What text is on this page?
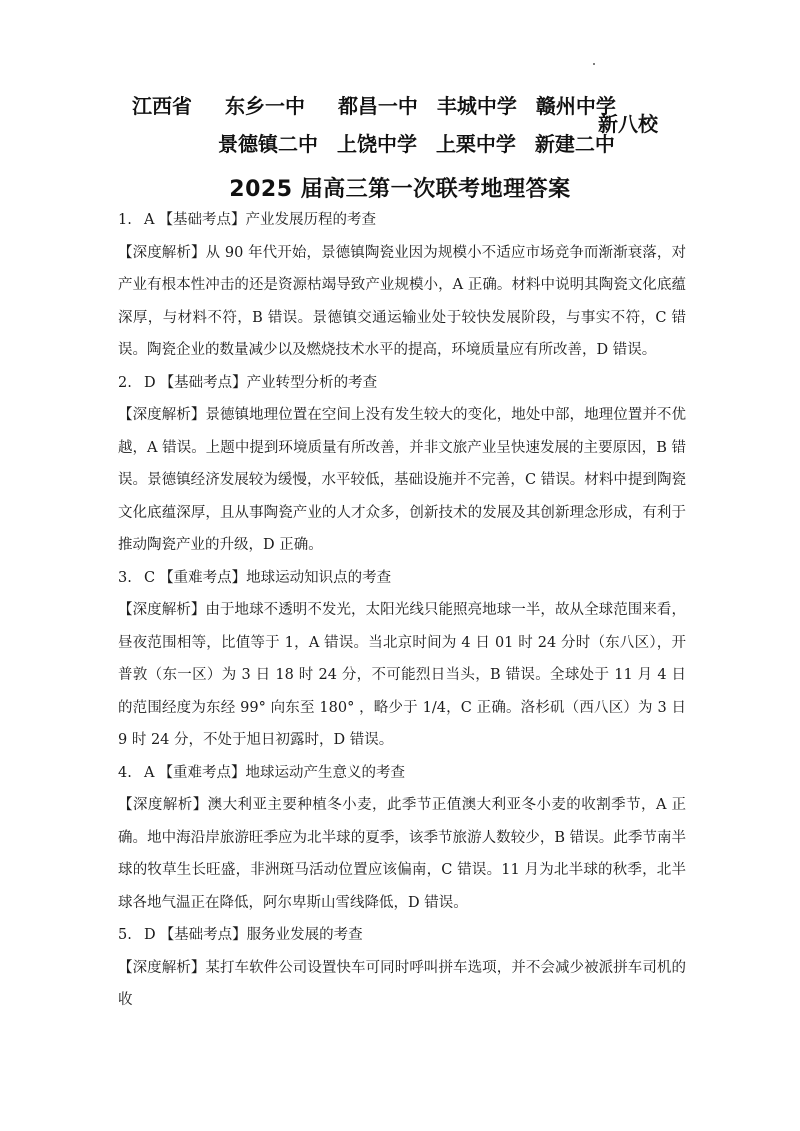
江西省 东乡一中 都昌一中 丰城中学 赣州中学
景德镇二中 上饶中学 上栗中学 新建二中
新八校
2025 届高三第一次联考地理答案

1. A 【基础考点】产业发展历程的考查

【深度解析】从 90 年代开始，景德镇陶瓷业因为规模小不适应市场竞争而渐渐衰落，对产业有根本性冲击的还是资源枯竭导致产业规模小，A 正确。材料中说明其陶瓷文化底蕴深厚，与材料不符，B 错误。景德镇交通运输业处于较快发展阶段，与事实不符，C 错误。陶瓷企业的数量减少以及燃烧技术水平的提高，环境质量应有所改善，D 错误。

2. D 【基础考点】产业转型分析的考查

【深度解析】景德镇地理位置在空间上没有发生较大的变化，地处中部，地理位置并不优越，A 错误。上题中提到环境质量有所改善，并非文旅产业呈快速发展的主要原因，B 错误。景德镇经济发展较为缓慢，水平较低，基础设施并不完善，C 错误。材料中提到陶瓷文化底蕴深厚，且从事陶瓷产业的人才众多，创新技术的发展及其创新理念形成，有利于推动陶瓷产业的升级，D 正确。

3. C 【重难考点】地球运动知识点的考查

【深度解析】由于地球不透明不发光，太阳光线只能照亮地球一半，故从全球范围来看，昼夜范围相等，比值等于 1，A 错误。当北京时间为 4 日 01 时 24 分时（东八区），开普敦（东一区）为 3 日 18 时 24 分，不可能烈日当头，B 错误。全球处于 11 月 4 日的范围经度为东经 99° 向东至 180° ，略少于 1/4，C 正确。洛杉矶（西八区）为 3 日 9 时 24 分，不处于旭日初露时，D 错误。

4. A 【重难考点】地球运动产生意义的考查

【深度解析】澳大利亚主要种植冬小麦，此季节正值澳大利亚冬小麦的收割季节，A 正确。地中海沿岸旅游旺季应为北半球的夏季，该季节旅游人数较少，B 错误。此季节南半球的牧草生长旺盛，非洲斑马活动位置应该偏南，C 错误。11 月为北半球的秋季，北半球各地气温正在降低，阿尔卑斯山雪线降低，D 错误。

5. D 【基础考点】服务业发展的考查

【深度解析】某打车软件公司设置快车可同时呼叫拼车选项，并不会减少被派拼车司机的收
